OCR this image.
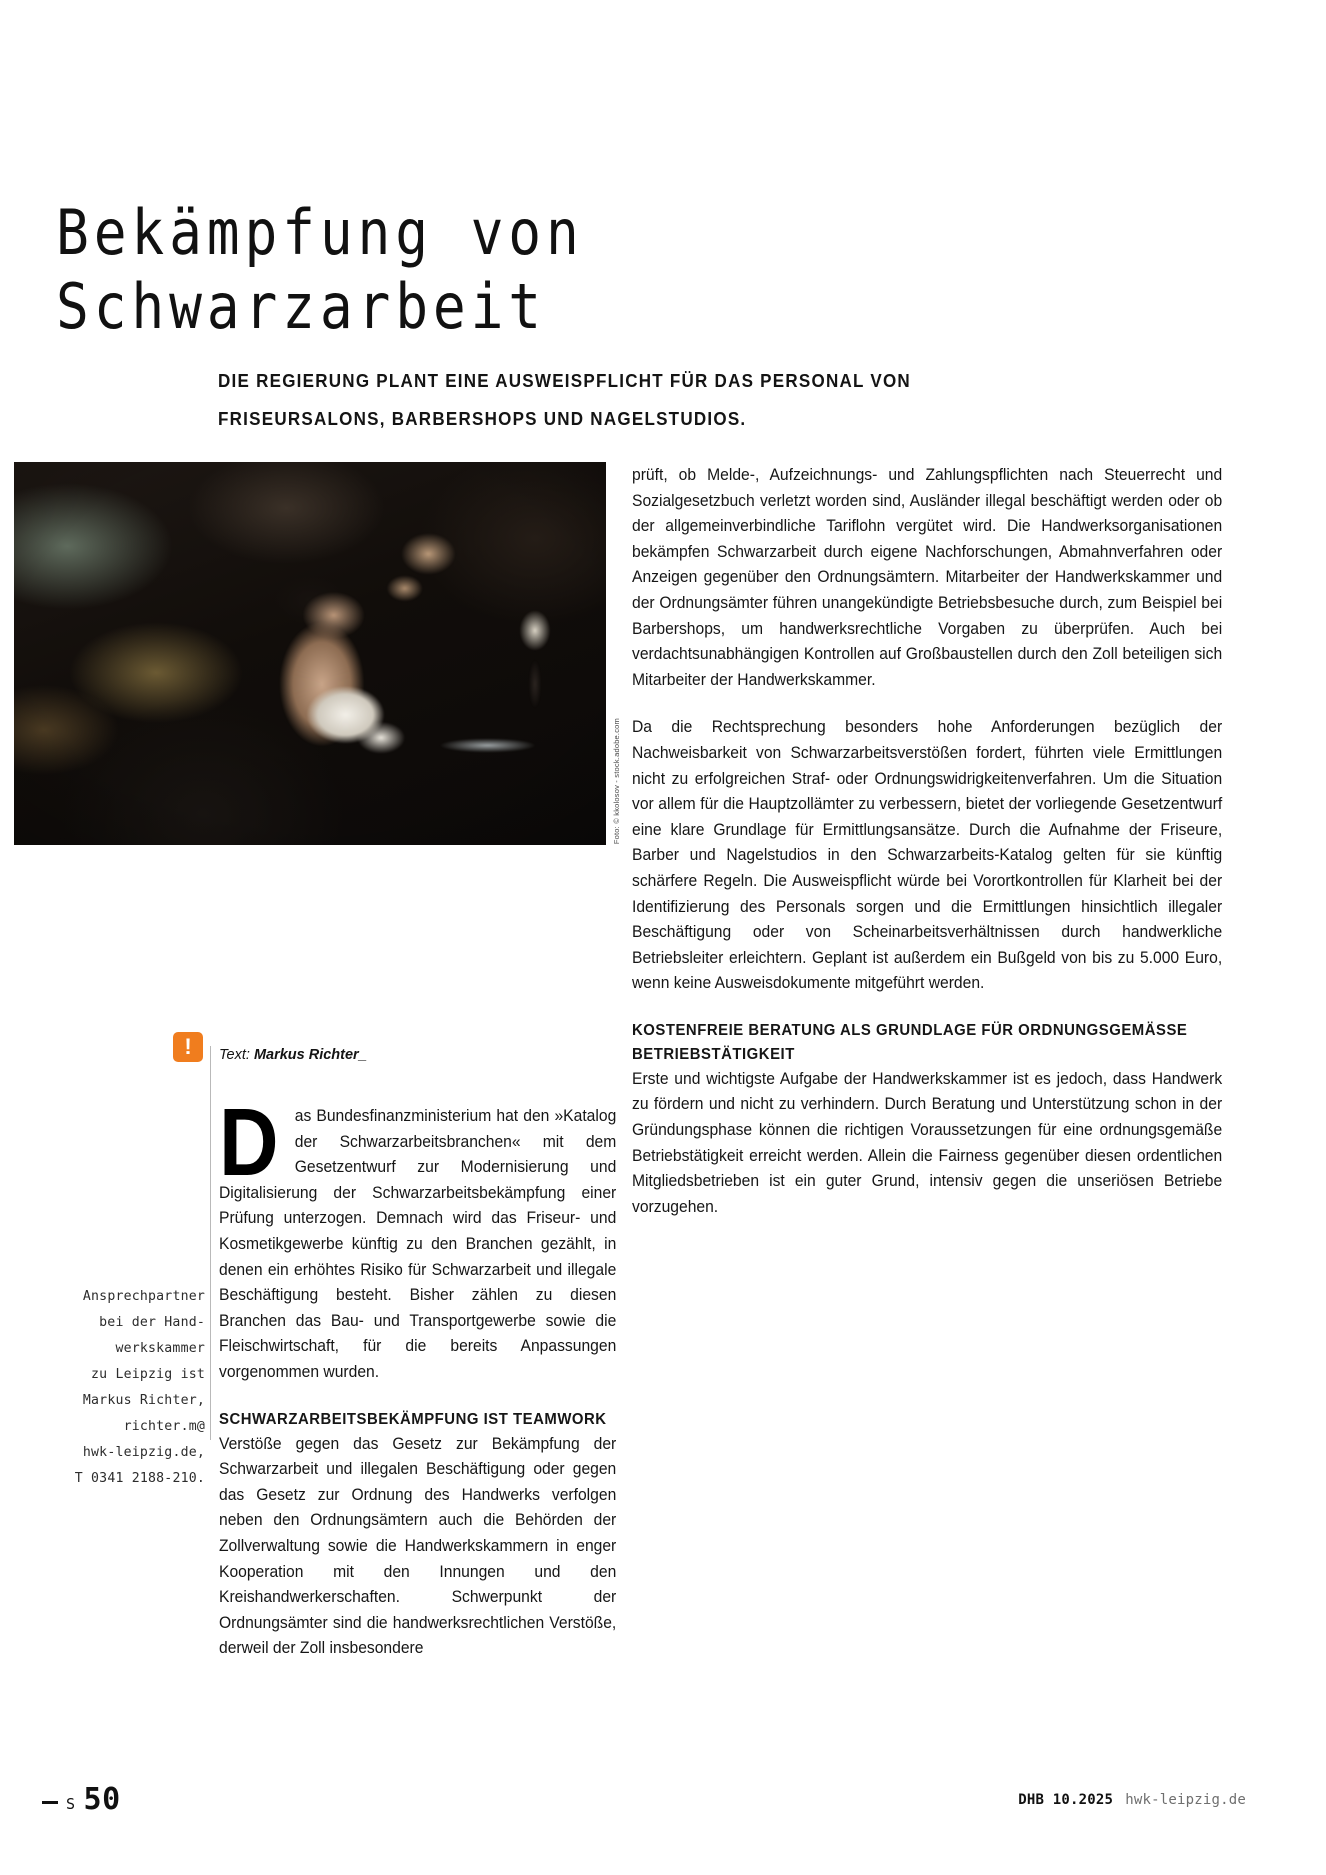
Bekämpfung von
Schwarzarbeit
DIE REGIERUNG PLANT EINE AUSWEISPFLICHT FÜR DAS PERSONAL VON
FRISEURSALONS, BARBERSHOPS UND NAGELSTUDIOS.
Foto: © kkolosov - stock.adobe.com
Text: Markus Richter_
!
Ansprechpartner
bei der Hand-
werkskammer
zu Leipzig ist
Markus Richter,
richter.m@
hwk-leipzig.de,
T 0341 2188-210.

Das Bundesfinanzministerium hat den »Katalog der Schwarzarbeitsbranchen« mit dem Gesetzentwurf zur Modernisierung und Digitalisierung der Schwarzarbeitsbekämpfung einer Prüfung unterzogen. Demnach wird das Friseur- und Kosmetikgewerbe künftig zu den Branchen gezählt, in denen ein erhöhtes Risiko für Schwarzarbeit und illegale Beschäftigung besteht. Bisher zählen zu diesen Branchen das Bau- und Transportgewerbe sowie die Fleischwirtschaft, für die bereits Anpassungen vorgenommen wurden.

SCHWARZARBEITSBEKÄMPFUNG IST TEAMWORK

Verstöße gegen das Gesetz zur Bekämpfung der Schwarzarbeit und illegalen Beschäftigung oder gegen das Gesetz zur Ordnung des Handwerks verfolgen neben den Ordnungsämtern auch die Behörden der Zollverwaltung sowie die Handwerkskammern in enger Kooperation mit den Innungen und den Kreishandwerkerschaften. Schwerpunkt der Ordnungsämter sind die handwerksrechtlichen Verstöße, derweil der Zoll insbesondere

prüft, ob Melde-, Aufzeichnungs- und Zahlungspflichten nach Steuerrecht und Sozialgesetzbuch verletzt worden sind, Ausländer illegal beschäftigt werden oder ob der allgemeinverbindliche Tariflohn vergütet wird. Die Handwerksorganisationen bekämpfen Schwarzarbeit durch eigene Nachforschungen, Abmahnverfahren oder Anzeigen gegenüber den Ordnungsämtern. Mitarbeiter der Handwerkskammer und der Ordnungsämter führen unangekündigte Betriebsbesuche durch, zum Beispiel bei Barbershops, um handwerksrechtliche Vorgaben zu überprüfen. Auch bei verdachtsunabhängigen Kontrollen auf Großbaustellen durch den Zoll beteiligen sich Mitarbeiter der Handwerkskammer.

Da die Rechtsprechung besonders hohe Anforderungen bezüglich der Nachweisbarkeit von Schwarzarbeitsverstößen fordert, führten viele Ermittlungen nicht zu erfolgreichen Straf- oder Ordnungswidrigkeitenverfahren. Um die Situation vor allem für die Hauptzollämter zu verbessern, bietet der vorliegende Gesetzentwurf eine klare Grundlage für Ermittlungsansätze. Durch die Aufnahme der Friseure, Barber und Nagelstudios in den Schwarzarbeits-Katalog gelten für sie künftig schärfere Regeln. Die Ausweispflicht würde bei Vorortkontrollen für Klarheit bei der Identifizierung des Personals sorgen und die Ermittlungen hinsichtlich illegaler Beschäftigung oder von Scheinarbeitsverhältnissen durch handwerkliche Betriebsleiter erleichtern. Geplant ist außerdem ein Bußgeld von bis zu 5.000 Euro, wenn keine Ausweisdokumente mitgeführt werden.

KOSTENFREIE BERATUNG ALS GRUNDLAGE FÜR ORDNUNGSGEMÄSSE BETRIEBSTÄTIGKEIT

Erste und wichtigste Aufgabe der Handwerkskammer ist es jedoch, dass Handwerk zu fördern und nicht zu verhindern. Durch Beratung und Unterstützung schon in der Gründungsphase können die richtigen Voraussetzungen für eine ordnungsgemäße Betriebstätigkeit erreicht werden. Allein die Fairness gegenüber diesen ordentlichen Mitgliedsbetrieben ist ein guter Grund, intensiv gegen die unseriösen Betriebe vorzugehen.

S 50	DHB 10.2025 hwk-leipzig.de
